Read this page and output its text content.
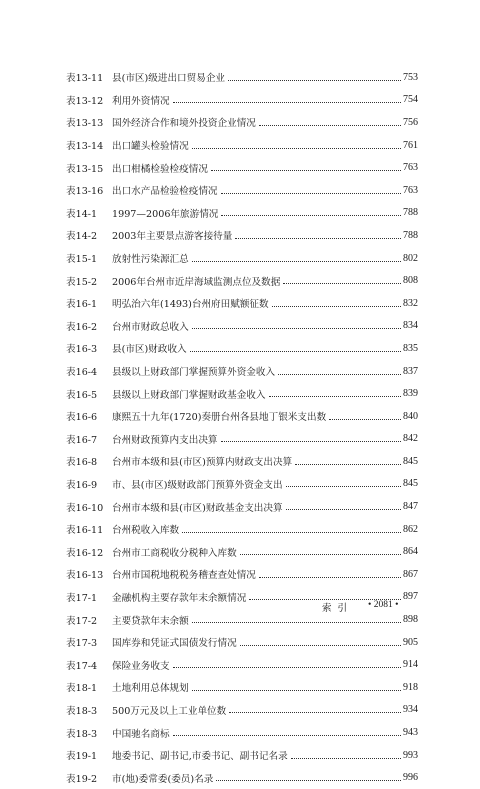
表13-11 县(市区)级进出口贸易企业	753
表13-12 利用外资情况	754
表13-13 国外经济合作和境外投资企业情况	756
表13-14 出口罐头检验情况	761
表13-15 出口柑橘检验检疫情况	763
表13-16 出口水产品检验检疫情况	763
表14-1	1997—2006年旅游情况	788
表14-2	2003年主要景点游客接待量	788
表15-1	放射性污染源汇总	802
表15-2	2006年台州市近岸海域监测点位及数据	808
表16-1	明弘治六年(1493)台州府田赋额征数	832
表16-2	台州市财政总收入	834
表16-3	县(市区)财政收入	835
表16-4	县级以上财政部门掌握预算外资金收入	837
表16-5	县级以上财政部门掌握财政基金收入	839
表16-6	康熙五十九年(1720)奏册台州各县地丁银米支出数	840
表16-7	台州财政预算内支出决算	842
表16-8	台州市本级和县(市区)预算内财政支出决算	845
表16-9	市、县(市区)级财政部门预算外资金支出	845
表16-10 台州市本级和县(市区)财政基金支出决算	847
表16-11 台州税收入库数	862
表16-12 台州市工商税收分税种入库数	864
表16-13 台州市国税地税税务稽查查处情况	867
表17-1	金融机构主要存款年末余额情况	897
表17-2	主要贷款年末余额	898
表17-3	国库券和凭证式国债发行情况	905
表17-4	保险业务收支	914
表18-1	土地利用总体规划	918
表18-3	500万元及以上工业单位数	934
表18-3	中国驰名商标	943
表19-1	地委书记、副书记,市委书记、副书记名录	993
表19-2	市(地)委常委(委员)名录	996
索引 • 2081 •
